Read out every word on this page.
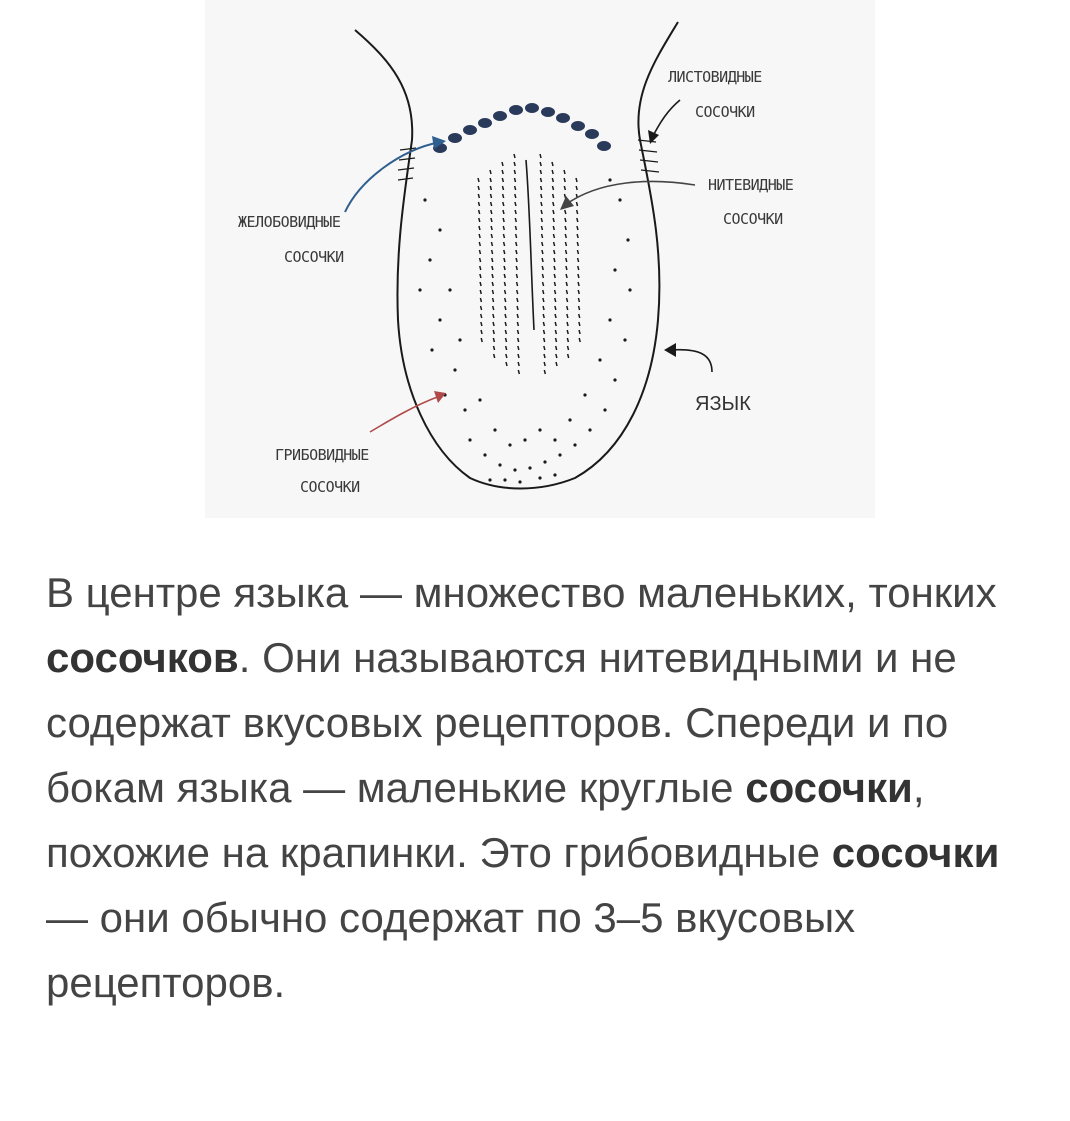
ЛИСТОВИДНЫЕ
СОСОЧКИ
НИТЕВИДНЫЕ
СОСОЧКИ
ЖЕЛОБОВИДНЫЕ
СОСОЧКИ
ЯЗЫК
ГРИБОВИДНЫЕ
СОСОЧКИ

В центре языка — множество маленьких, тонких сосочков. Они называются нитевидными и не содержат вкусовых рецепторов. Спереди и по бокам языка — маленькие круглые сосочки, похожие на крапинки. Это грибовидные сосочки — они обычно содержат по 3–5 вкусовых рецепторов.
